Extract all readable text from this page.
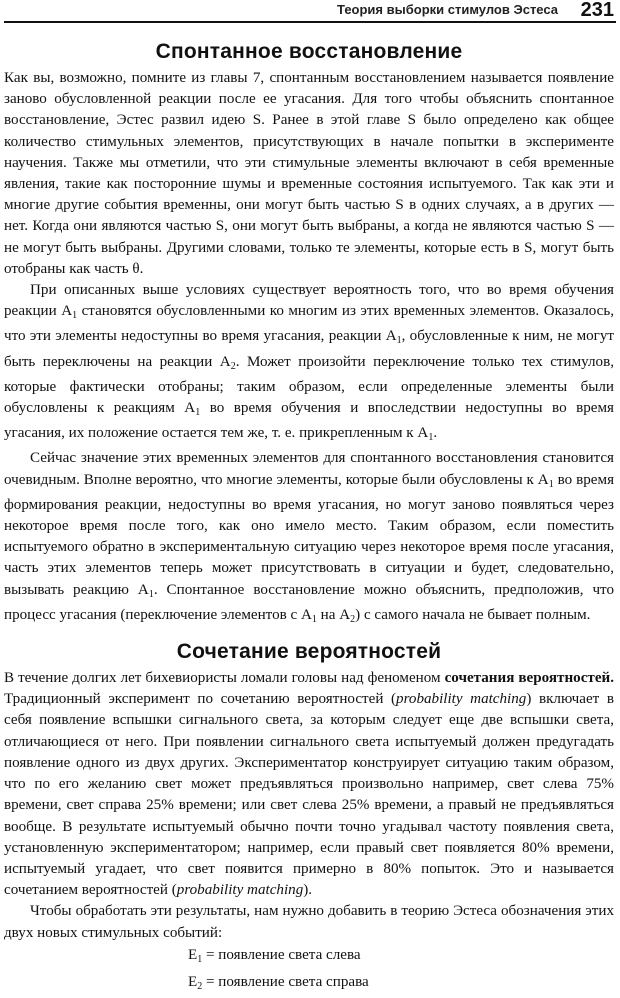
Теория выборки стимулов Эстеса 231
Спонтанное восстановление

Как вы, возможно, помните из главы 7, спонтанным восстановлением называется появление заново обусловленной реакции после ее угасания. Для того чтобы объяснить спонтанное восстановление, Эстес развил идею S. Ранее в этой главе S было определено как общее количество стимульных элементов, присутствующих в начале попытки в эксперименте научения. Также мы отметили, что эти стимульные элементы включают в себя временные явления, такие как посторонние шумы и временные состояния испытуемого. Так как эти и многие другие события временны, они могут быть частью S в одних случаях, а в других — нет. Когда они являются частью S, они могут быть выбраны, а когда не являются частью S — не могут быть выбраны. Другими словами, только те элементы, которые есть в S, могут быть отобраны как часть θ.

При описанных выше условиях существует вероятность того, что во время обучения реакции $A_1$ становятся обусловленными ко многим из этих временных элементов. Оказалось, что эти элементы недоступны во время угасания, реакции $A_1$, обусловленные к ним, не могут быть переключены на реакции $A_2$. Может произойти переключение только тех стимулов, которые фактически отобраны; таким образом, если определенные элементы были обусловлены к реакциям $A_1$ во время обучения и впоследствии недоступны во время угасания, их положение остается тем же, т. е. прикрепленным к $A_1$.

Сейчас значение этих временных элементов для спонтанного восстановления становится очевидным. Вполне вероятно, что многие элементы, которые были обусловлены к $A_1$ во время формирования реакции, недоступны во время угасания, но могут заново появляться через некоторое время после того, как оно имело место. Таким образом, если поместить испытуемого обратно в экспериментальную ситуацию через некоторое время после угасания, часть этих элементов теперь может присутствовать в ситуации и будет, следовательно, вызывать реакцию $A_1$. Спонтанное восстановление можно объяснить, предположив, что процесс угасания (переключение элементов с $A_1$ на $A_2$) с самого начала не бывает полным.

Сочетание вероятностей

В течение долгих лет бихевиористы ломали головы над феноменом сочетания вероятностей. Традиционный эксперимент по сочетанию вероятностей (probability matching) включает в себя появление вспышки сигнального света, за которым следует еще две вспышки света, отличающиеся от него. При появлении сигнального света испытуемый должен предугадать появление одного из двух других. Экспериментатор конструирует ситуацию таким образом, что по его желанию свет может предъявляться произвольно например, свет слева 75% времени, свет справа 25% времени; или свет слева 25% времени, а правый не предъявляться вообще. В результате испытуемый обычно почти точно угадывал частоту появления света, установленную экспериментатором; например, если правый свет появляется 80% времени, испытуемый угадает, что свет появится примерно в 80% попыток. Это и называется сочетанием вероятностей (probability matching).

Чтобы обработать эти результаты, нам нужно добавить в теорию Эстеса обозначения этих двух новых стимульных событий:

$E_1$ = появление света слева
$E_2$ = появление света справа
